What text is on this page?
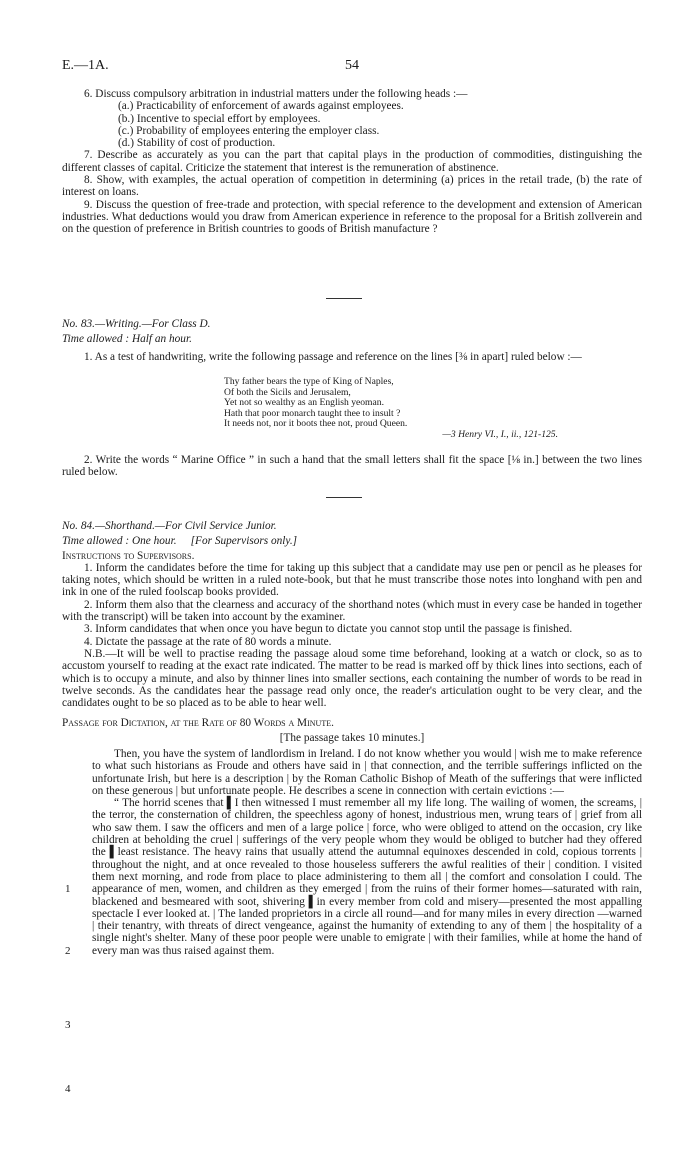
E.—1A.	54

6. Discuss compulsory arbitration in industrial matters under the following heads :—

(a.) Practicability of enforcement of awards against employees.

(b.) Incentive to special effort by employees.

(c.) Probability of employees entering the employer class.

(d.) Stability of cost of production.

7. Describe as accurately as you can the part that capital plays in the production of commodities, distinguishing the different classes of capital. Criticize the statement that interest is the remuneration of abstinence.

8. Show, with examples, the actual operation of competition in determining (a) prices in the retail trade, (b) the rate of interest on loans.

9. Discuss the question of free-trade and protection, with special reference to the development and extension of American industries. What deductions would you draw from American experience in reference to the proposal for a British zollverein and on the question of preference in British countries to goods of British manufacture ?

No. 83.—Writing.—For Class D.

Time allowed : Half an hour.

1. As a test of handwriting, write the following passage and reference on the lines [⅜ in apart] ruled below :—

Thy father bears the type of King of Naples,
Of both the Sicils and Jerusalem,
Yet not so wealthy as an English yeoman.
Hath that poor monarch taught thee to insult ?
It needs not, nor it boots thee not, proud Queen.
—3 Henry VI., I., ii., 121-125.

2. Write the words “ Marine Office ” in such a hand that the small letters shall fit the space [⅛ in.] between the two lines ruled below.

No. 84.—Shorthand.—For Civil Service Junior.

Time allowed : One hour.     [For Supervisors only.]

Instructions to Supervisors.

1. Inform the candidates before the time for taking up this subject that a candidate may use pen or pencil as he pleases for taking notes, which should be written in a ruled note-book, but that he must transcribe those notes into longhand with pen and ink in one of the ruled foolscap books provided.

2. Inform them also that the clearness and accuracy of the shorthand notes (which must in every case be handed in together with the transcript) will be taken into account by the examiner.

3. Inform candidates that when once you have begun to dictate you cannot stop until the passage is finished.

4. Dictate the passage at the rate of 80 words a minute.

N.B.—It will be well to practise reading the passage aloud some time beforehand, looking at a watch or clock, so as to accustom yourself to reading at the exact rate indicated. The matter to be read is marked off by thick lines into sections, each of which is to occupy a minute, and also by thinner lines into smaller sections, each containing the number of words to be read in twelve seconds. As the candidates hear the passage read only once, the reader's articulation ought to be very clear, and the candidates ought to be so placed as to be able to hear well.

Passage for Dictation, at the Rate of 80 Words a Minute.

[The passage takes 10 minutes.]

Then, you have the system of landlordism in Ireland. I do not know whether you would | wish me to make reference to what such historians as Froude and others have said in | that connection, and the terrible sufferings inflicted on the unfortunate Irish, but here is a description | by the Roman Catholic Bishop of Meath of the sufferings that were inflicted on these generous | but unfortunate people. He describes a scene in connection with certain evictions :—

“ The horrid scenes that ▌I then witnessed I must remember all my life long. The wailing of women, the screams, | the terror, the consternation of children, the speechless agony of honest, industrious men, wrung tears of | grief from all who saw them. I saw the officers and men of a large police | force, who were obliged to attend on the occasion, cry like children at beholding the cruel | sufferings of the very people whom they would be obliged to butcher had they offered the ▌least resistance. The heavy rains that usually attend the autumnal equinoxes descended in cold, copious torrents | throughout the night, and at once revealed to those houseless sufferers the awful realities of their | condition. I visited them next morning, and rode from place to place administering to them all | the comfort and consolation I could. The appearance of men, women, and children as they emerged | from the ruins of their former homes—saturated with rain, blackened and besmeared with soot, shivering ▌in every member from cold and misery—presented the most appalling spectacle I ever looked at. | The landed proprietors in a circle all round—and for many miles in every direction —warned | their tenantry, with threats of direct vengeance, against the humanity of extending to any of them | the hospitality of a single night's shelter. Many of these poor people were unable to emigrate | with their families, while at home the hand of every man was thus raised against them.

1
2
3
4
